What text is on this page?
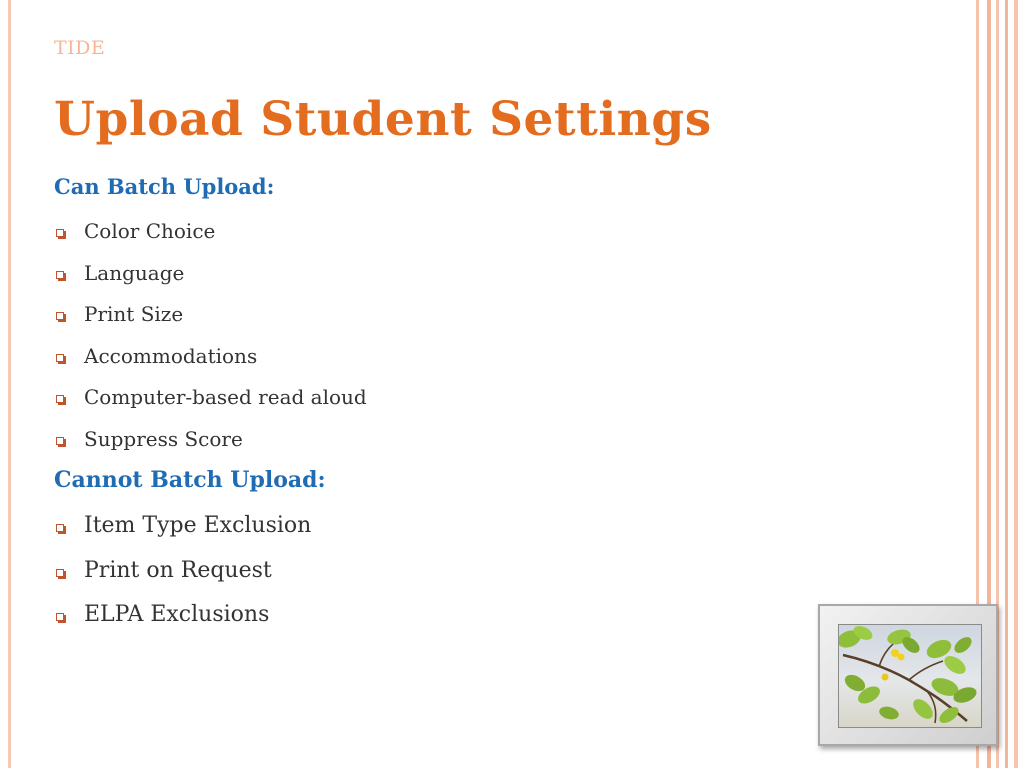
TIDE
Upload Student Settings
Can Batch Upload:
Color Choice
Language
Print Size
Accommodations
Computer-based read aloud
Suppress Score
Cannot Batch Upload:
Item Type Exclusion
Print on Request
ELPA Exclusions
